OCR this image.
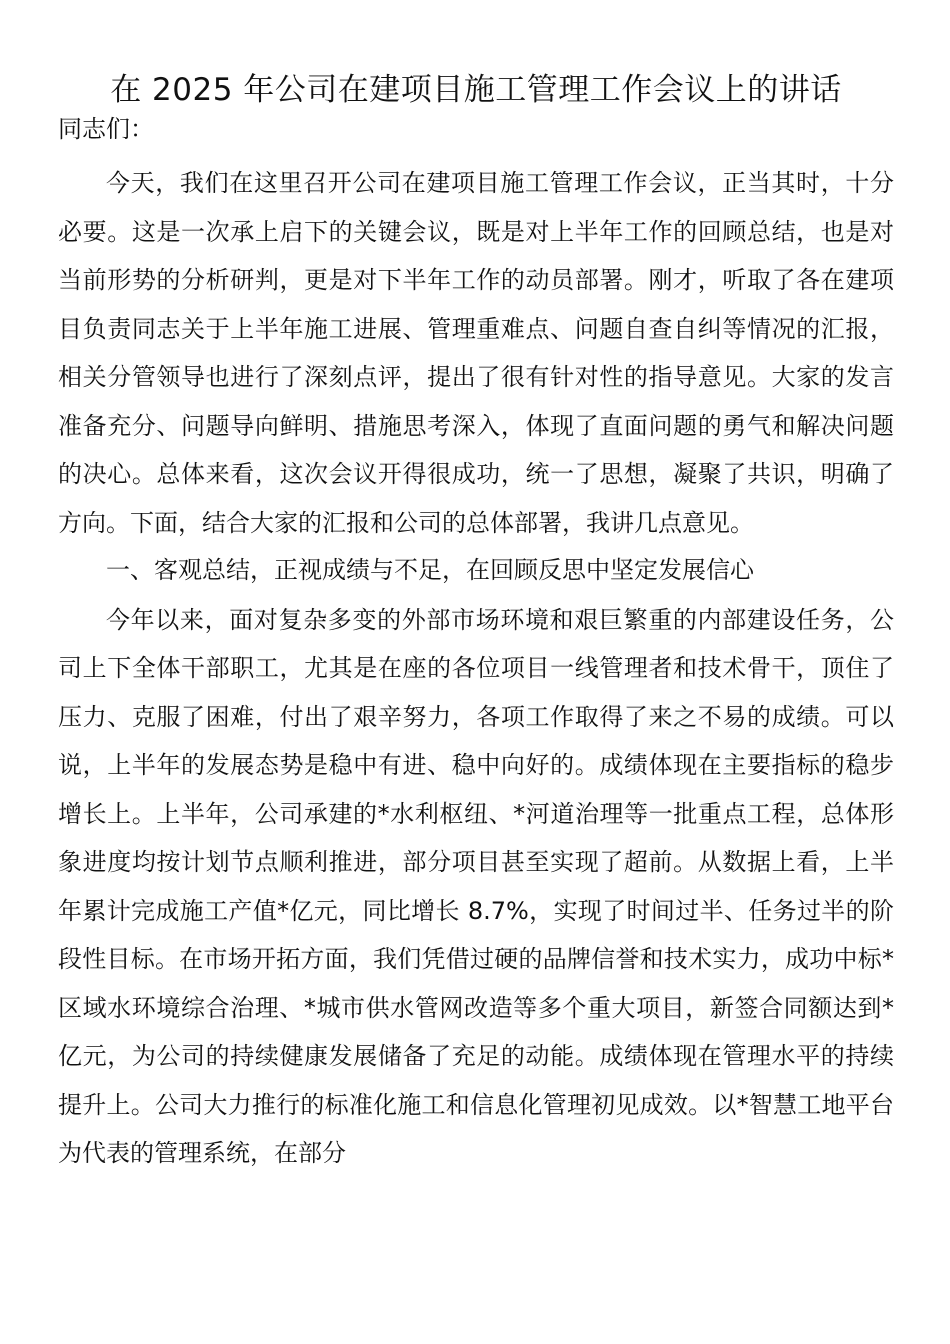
在 2025 年公司在建项目施工管理工作会议上的讲话

同志们：

今天，我们在这里召开公司在建项目施工管理工作会议，正当其时，十分必要。这是一次承上启下的关键会议，既是对上半年工作的回顾总结，也是对当前形势的分析研判，更是对下半年工作的动员部署。刚才，听取了各在建项目负责同志关于上半年施工进展、管理重难点、问题自查自纠等情况的汇报，相关分管领导也进行了深刻点评，提出了很有针对性的指导意见。大家的发言准备充分、问题导向鲜明、措施思考深入，体现了直面问题的勇气和解决问题的决心。总体来看，这次会议开得很成功，统一了思想，凝聚了共识，明确了方向。下面，结合大家的汇报和公司的总体部署，我讲几点意见。

一、客观总结，正视成绩与不足，在回顾反思中坚定发展信心

今年以来，面对复杂多变的外部市场环境和艰巨繁重的内部建设任务，公司上下全体干部职工，尤其是在座的各位项目一线管理者和技术骨干，顶住了压力、克服了困难，付出了艰辛努力，各项工作取得了来之不易的成绩。可以说，上半年的发展态势是稳中有进、稳中向好的。成绩体现在主要指标的稳步增长上。上半年，公司承建的*水利枢纽、*河道治理等一批重点工程，总体形象进度均按计划节点顺利推进，部分项目甚至实现了超前。从数据上看，上半年累计完成施工产值*亿元，同比增长 8.7%，实现了时间过半、任务过半的阶段性目标。在市场开拓方面，我们凭借过硬的品牌信誉和技术实力，成功中标*区域水环境综合治理、*城市供水管网改造等多个重大项目，新签合同额达到*亿元，为公司的持续健康发展储备了充足的动能。成绩体现在管理水平的持续提升上。公司大力推行的标准化施工和信息化管理初见成效。以*智慧工地平台为代表的管理系统，在部分
